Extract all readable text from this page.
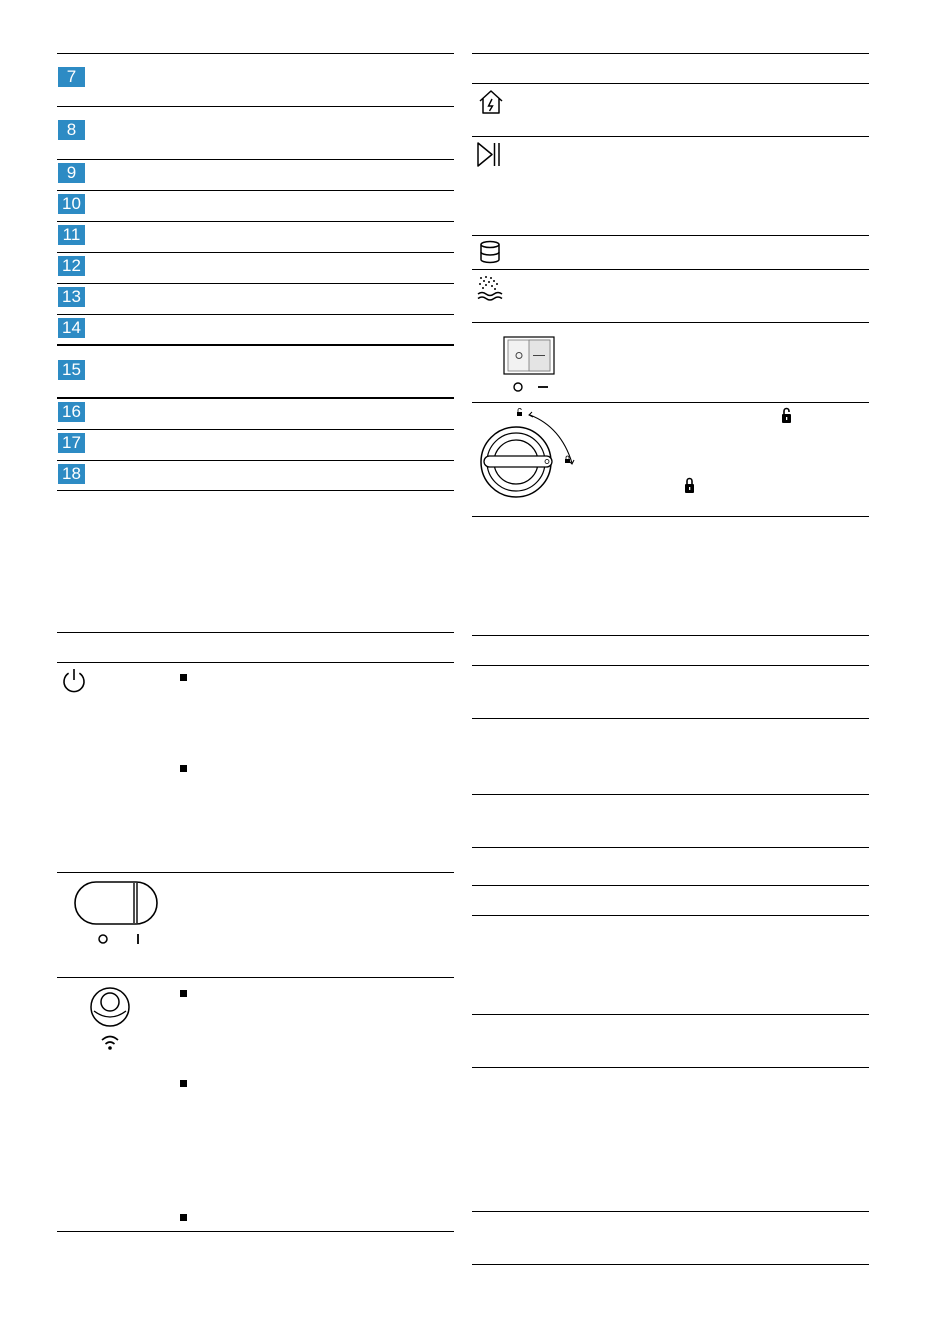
7
8
9
10
11
12
13
14
15
16
17
18
